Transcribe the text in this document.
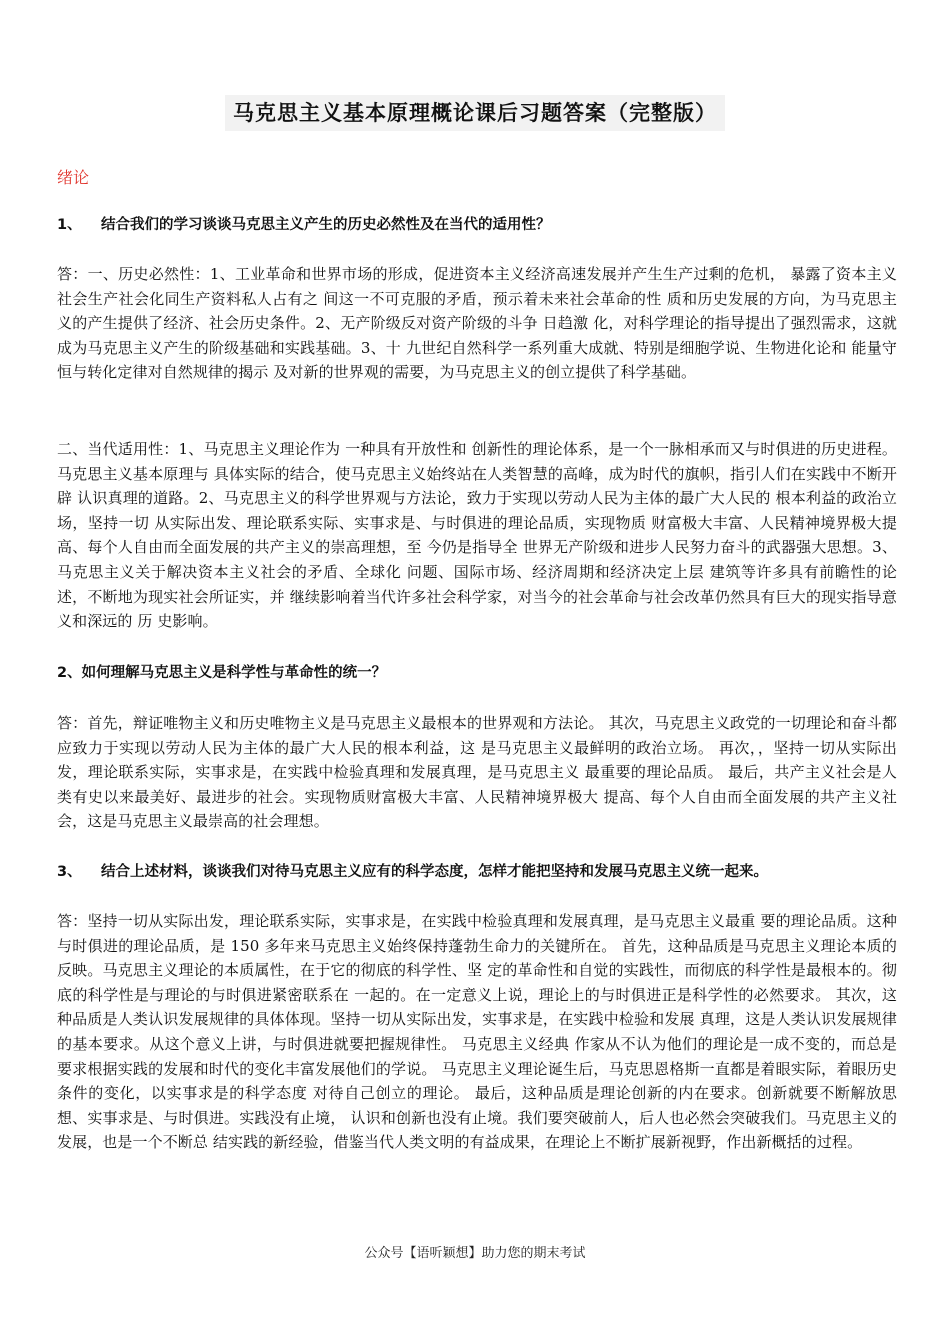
马克思主义基本原理概论课后习题答案（完整版）
绪论

1、 结合我们的学习谈谈马克思主义产生的历史必然性及在当代的适用性？

答：一、历史必然性：1、工业革命和世界市场的形成，促进资本主义经济高速发展并产生生产过剩的危机， 暴露了资本主义社会生产社会化同生产资料私人占有之 间这一不可克服的矛盾，预示着未来社会革命的性 质和历史发展的方向，为马克思主义的产生提供了经济、社会历史条件。2、无产阶级反对资产阶级的斗争 日趋激 化，对科学理论的指导提出了强烈需求，这就成为马克思主义产生的阶级基础和实践基础。3、十 九世纪自然科学一系列重大成就、特别是细胞学说、生物进化论和 能量守恒与转化定律对自然规律的揭示 及对新的世界观的需要，为马克思主义的创立提供了科学基础。

二、当代适用性：1、马克思主义理论作为 一种具有开放性和 创新性的理论体系，是一个一脉相承而又与时俱进的历史进程。马克思主义基本原理与 具体实际的结合，使马克思主义始终站在人类智慧的高峰，成为时代的旗帜，指引人们在实践中不断开辟 认识真理的道路。2、马克思主义的科学世界观与方法论，致力于实现以劳动人民为主体的最广大人民的 根本利益的政治立场，坚持一切 从实际出发、理论联系实际、实事求是、与时俱进的理论品质，实现物质 财富极大丰富、人民精神境界极大提高、每个人自由而全面发展的共产主义的崇高理想，至 今仍是指导全 世界无产阶级和进步人民努力奋斗的武器强大思想。3、马克思主义关于解决资本主义社会的矛盾、全球化 问题、国际市场、经济周期和经济决定上层 建筑等许多具有前瞻性的论述，不断地为现实社会所证实，并 继续影响着当代许多社会科学家，对当今的社会革命与社会改革仍然具有巨大的现实指导意义和深远的 历 史影响。

2、如何理解马克思主义是科学性与革命性的统一？

答：首先，辩证唯物主义和历史唯物主义是马克思主义最根本的世界观和方法论。 其次，马克思主义政党的一切理论和奋斗都应致力于实现以劳动人民为主体的最广大人民的根本利益，这 是马克思主义最鲜明的政治立场。 再次，，坚持一切从实际出发，理论联系实际，实事求是，在实践中检验真理和发展真理，是马克思主义 最重要的理论品质。 最后，共产主义社会是人类有史以来最美好、最进步的社会。实现物质财富极大丰富、人民精神境界极大 提高、每个人自由而全面发展的共产主义社会，这是马克思主义最崇高的社会理想。

3、 结合上述材料，谈谈我们对待马克思主义应有的科学态度，怎样才能把坚持和发展马克思主义统一起来。

答：坚持一切从实际出发，理论联系实际，实事求是，在实践中检验真理和发展真理，是马克思主义最重 要的理论品质。这种与时俱进的理论品质，是 150 多年来马克思主义始终保持蓬勃生命力的关键所在。 首先，这种品质是马克思主义理论本质的反映。马克思主义理论的本质属性，在于它的彻底的科学性、坚 定的革命性和自觉的实践性，而彻底的科学性是最根本的。彻底的科学性是与理论的与时俱进紧密联系在 一起的。在一定意义上说，理论上的与时俱进正是科学性的必然要求。 其次，这种品质是人类认识发展规律的具体体现。坚持一切从实际出发，实事求是，在实践中检验和发展 真理，这是人类认识发展规律的基本要求。从这个意义上讲，与时俱进就要把握规律性。 马克思主义经典 作家从不认为他们的理论是一成不变的，而总是要求根据实践的发展和时代的变化丰富发展他们的学说。 马克思主义理论诞生后，马克思恩格斯一直都是着眼实际，着眼历史条件的变化，以实事求是的科学态度 对待自己创立的理论。 最后，这种品质是理论创新的内在要求。创新就要不断解放思想、实事求是、与时俱进。实践没有止境， 认识和创新也没有止境。我们要突破前人，后人也必然会突破我们。马克思主义的发展，也是一个不断总 结实践的新经验，借鉴当代人类文明的有益成果，在理论上不断扩展新视野，作出新概括的过程。

公众号【语听颖想】助力您的期末考试
